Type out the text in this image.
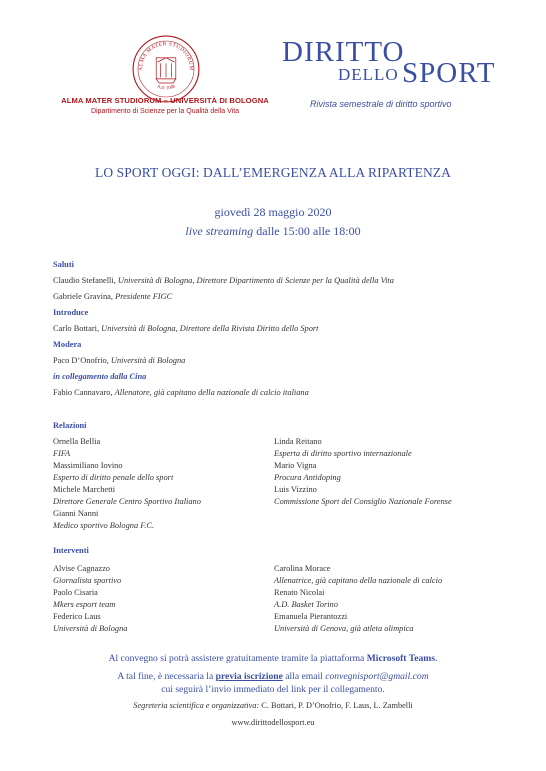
ALMA MATER STUDIORUM
A.D. 1088
ALMA MATER STUDIORUM – UNIVERSITÀ DI BOLOGNA
Dipartimento di Scienze per la Qualità della Vita
DIRITTO
DELLO SPORT
Rivista semestrale di diritto sportivo
LO SPORT OGGI: DALL’EMERGENZA ALLA RIPARTENZA
giovedì 28 maggio 2020
live streaming dalle 15:00 alle 18:00
Saluti
Claudio Stefanelli, Università di Bologna, Direttore Dipartimento di Scienze per la Qualità della Vita
Gabriele Gravina, Presidente FIGC
Introduce
Carlo Bottari, Università di Bologna, Direttore della Rivista Diritto dello Sport
Modera
Paco D’Onofrio, Università di Bologna
in collegamento dalla Cina
Fabio Cannavaro, Allenatore, già capitano della nazionale di calcio italiana
Relazioni
Ornella Bellia
FIFA
Massimiliano Iovino
Esperto di diritto penale dello sport
Michele Marchetti
Direttore Generale Centro Sportivo Italiano
Gianni Nanni
Medico sportivo Bologna F.C.
Linda Reitano
Esperta di diritto sportivo internazionale
Mario Vigna
Procura Antidoping
Luis Vizzino
Commissione Sport del Consiglio Nazionale Forense
Interventi
Alvise Cagnazzo
Giornalista sportivo
Paolo Cisaria
Mkers esport team
Federico Laus
Università di Bologna
Carolina Morace
Allenatrice, già capitano della nazionale di calcio
Renato Nicolai
A.D. Basket Torino
Emanuela Pierantozzi
Università di Genova, già atleta olimpica
Al convegno si potrà assistere gratuitamente tramite la piattaforma Microsoft Teams.
A tal fine, è necessaria la previa iscrizione alla email convegnisport@gmail.com
cui seguirà l’invio immediato del link per il collegamento.
Segreteria scientifica e organizzativa: C. Bottari, P. D’Onofrio, F. Laus, L. Zambelli
www.dirittodellosport.eu
